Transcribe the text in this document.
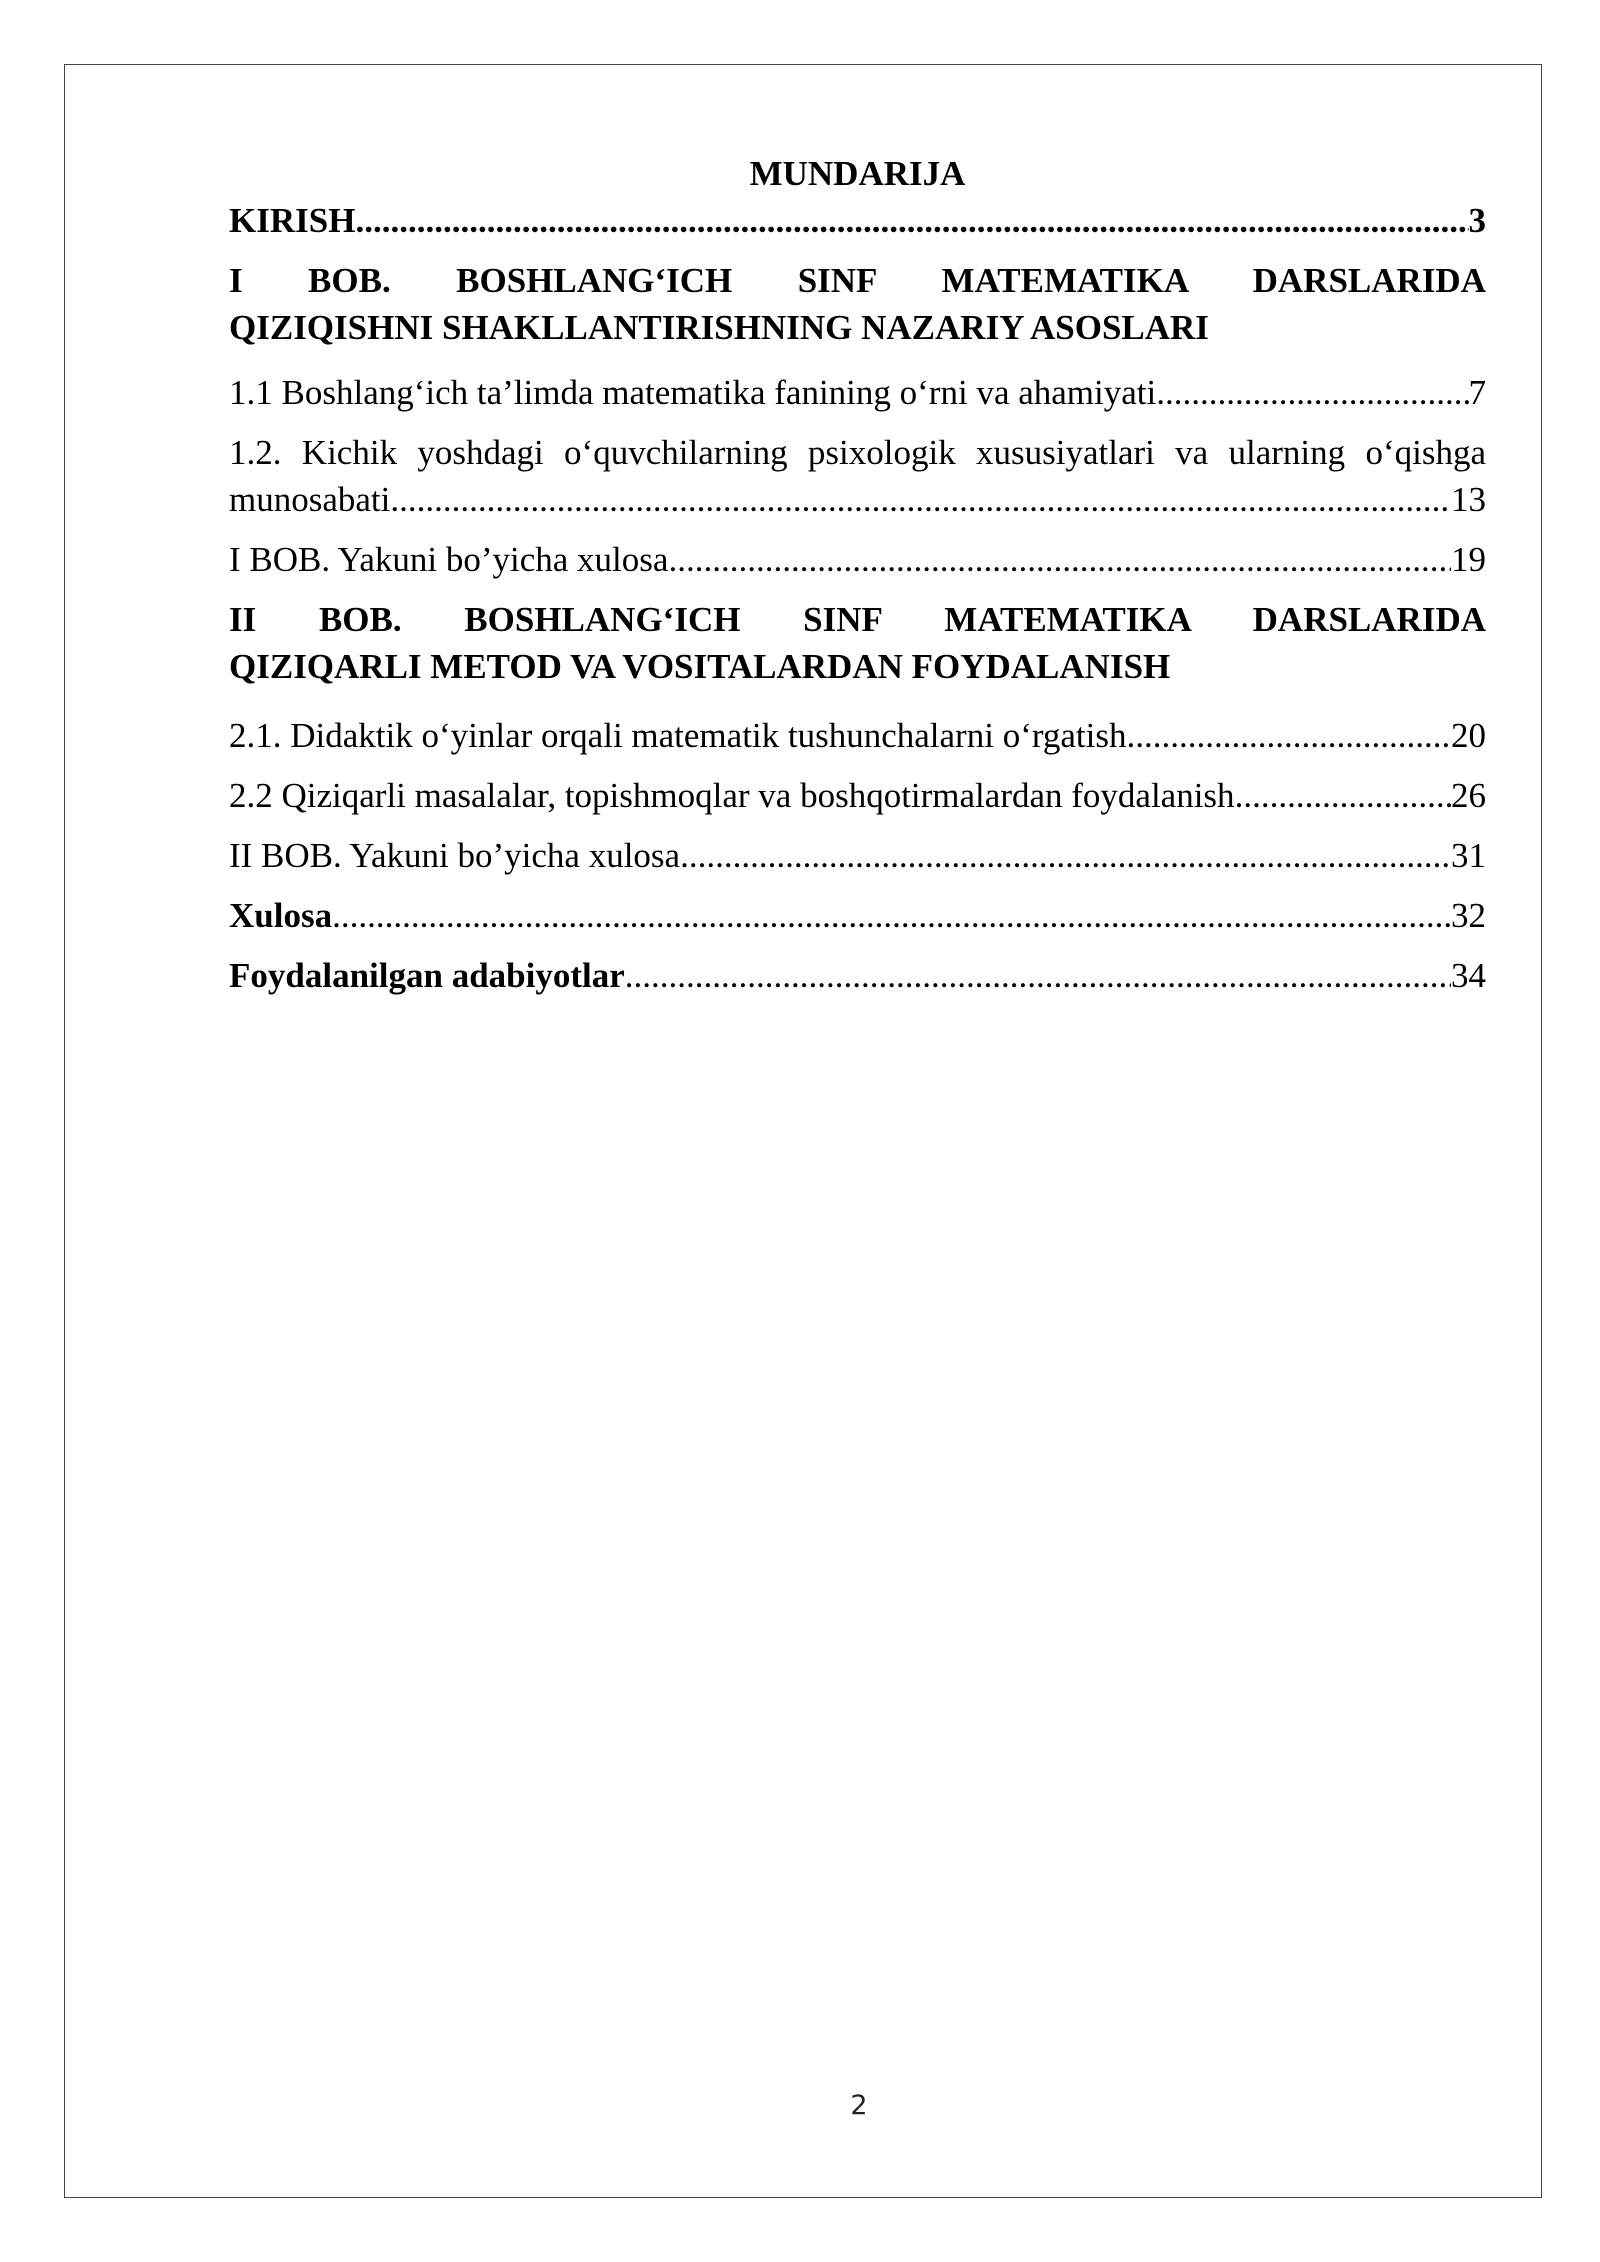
MUNDARIJA
KIRISH .....	3
I BOB. BOSHLANG‘ICH SINF MATEMATIKA DARSLARIDA
QIZIQISHNI SHAKLLANTIRISHNING NAZARIY ASOSLARI
1.1 Boshlang‘ich ta’limda matematika fanining o‘rni va ahamiyati .....	7
1.2. Kichik yoshdagi o‘quvchilarning psixologik xususiyatlari va ularning o‘qishga
munosabati .....	13
I BOB. Yakuni bo’yicha xulosa .....	19
II BOB. BOSHLANG‘ICH SINF MATEMATIKA DARSLARIDA
QIZIQARLI METOD VA VOSITALARDAN FOYDALANISH
2.1. Didaktik o‘yinlar orqali matematik tushunchalarni o‘rgatish .....	20
2.2 Qiziqarli masalalar, topishmoqlar va boshqotirmalardan foydalanish .....	26
II BOB. Yakuni bo’yicha xulosa .....	31
Xulosa .....	32
Foydalanilgan adabiyotlar .....	34
2
